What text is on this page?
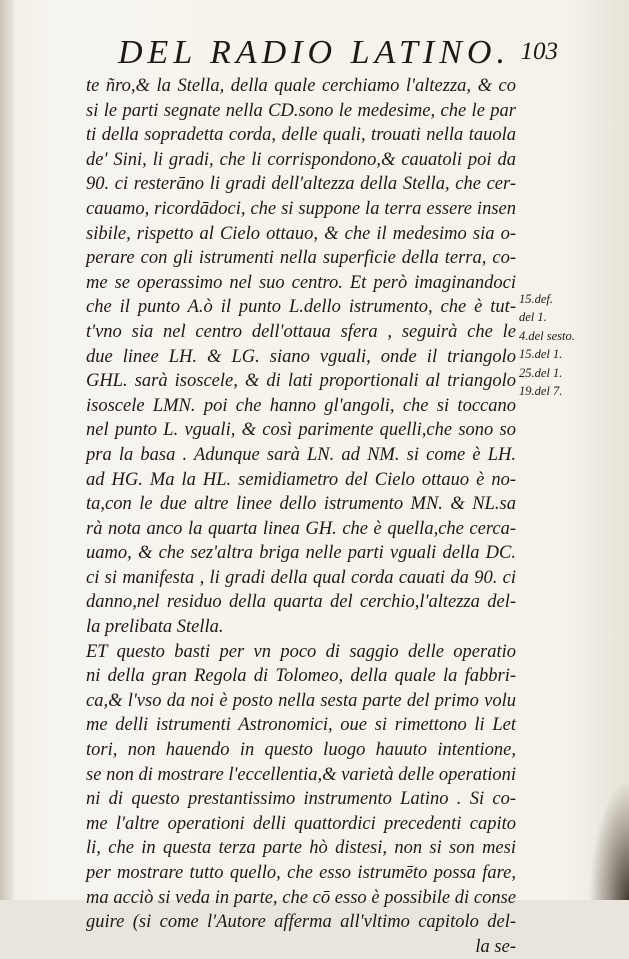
DEL RADIO LATINO. 103
te ñro,& la Stella, della quale cerchiamo l'altezza, & co
si le parti segnate nella CD.sono le medesime, che le par
ti della sopradetta corda, delle quali, trouati nella tauola
de' Sini, li gradi, che li corrispondono,& cauatoli poi da
90. ci resterāno li gradi dell'altezza della Stella, che cer-
cauamo, ricordādoci, che si suppone la terra essere insen
sibile, rispetto al Cielo ottauo, & che il medesimo sia o-
perare con gli istrumenti nella superficie della terra, co-
me se operassimo nel suo centro. Et però imaginandoci
che il punto A.ò il punto L.dello istrumento, che è tut-
t'vno sia nel centro dell'ottaua sfera , seguirà che le
due linee LH. & LG. siano vguali, onde il triangolo
GHL. sarà isoscele, & di lati proportionali al triangolo
isoscele LMN. poi che hanno gl'angoli, che si toccano
nel punto L. vguali, & così parimente quelli,che sono so
pra la basa . Adunque sarà LN. ad NM. si come è LH.
ad HG. Ma la HL. semidiametro del Cielo ottauo è no-
ta,con le due altre linee dello istrumento MN. & NL.sa
rà nota anco la quarta linea GH. che è quella,che cerca-
uamo, & che sez'altra briga nelle parti vguali della DC.
ci si manifesta , li gradi della qual corda cauati da 90. ci
danno,nel residuo della quarta del cerchio,l'altezza del-
la prelibata Stella.
ET questo basti per vn poco di saggio delle operatio
ni della gran Regola di Tolomeo, della quale la fabbri-
ca,& l'vso da noi è posto nella sesta parte del primo volu
me delli istrumenti Astronomici, oue si rimettono li Let
tori, non hauendo in questo luogo hauuto intentione,
se non di mostrare l'eccellentia,& varietà delle operationi
ni di questo prestantissimo instrumento Latino . Si co-
me l'altre operationi delli quattordici precedenti capito
li, che in questa terza parte hò distesi, non si son mesi
per mostrare tutto quello, che esso istrumēto possa fare,
ma acciò si veda in parte, che cō esso è possibile di conse
guire (si come l'Autore afferma all'vltimo capitolo del-
la se-
15.def.
del 1.
4.del sesto.
15.del 1.
25.del 1.
19.del 7.
